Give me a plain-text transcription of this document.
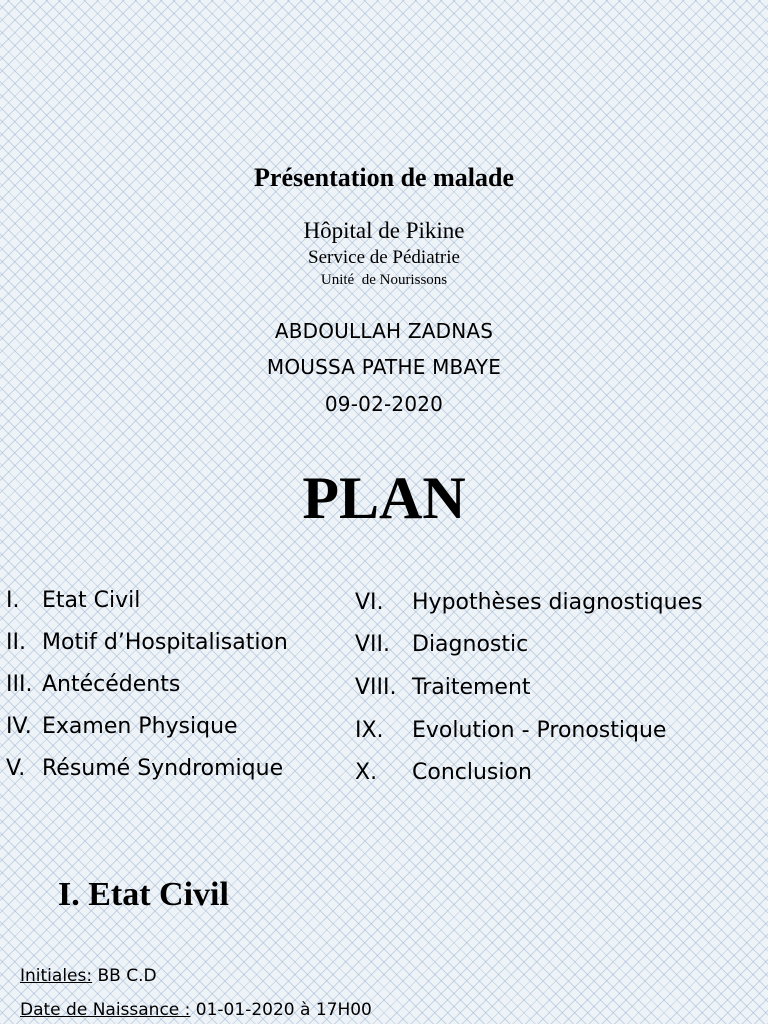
Présentation de malade
Hôpital de Pikine
Service de Pédiatrie
Unité  de Nourissons
ABDOULLAH ZADNAS
MOUSSA PATHE MBAYE
09-02-2020
PLAN
I. Etat Civil
II. Motif d’Hospitalisation
III. Antécédents
IV. Examen Physique
V. Résumé Syndromique
VI. Hypothèses diagnostiques
VII. Diagnostic
VIII. Traitement
IX. Evolution - Pronostique
X. Conclusion
I. Etat Civil
Initiales: BB C.D
Date de Naissance : 01-01-2020 à 17H00
